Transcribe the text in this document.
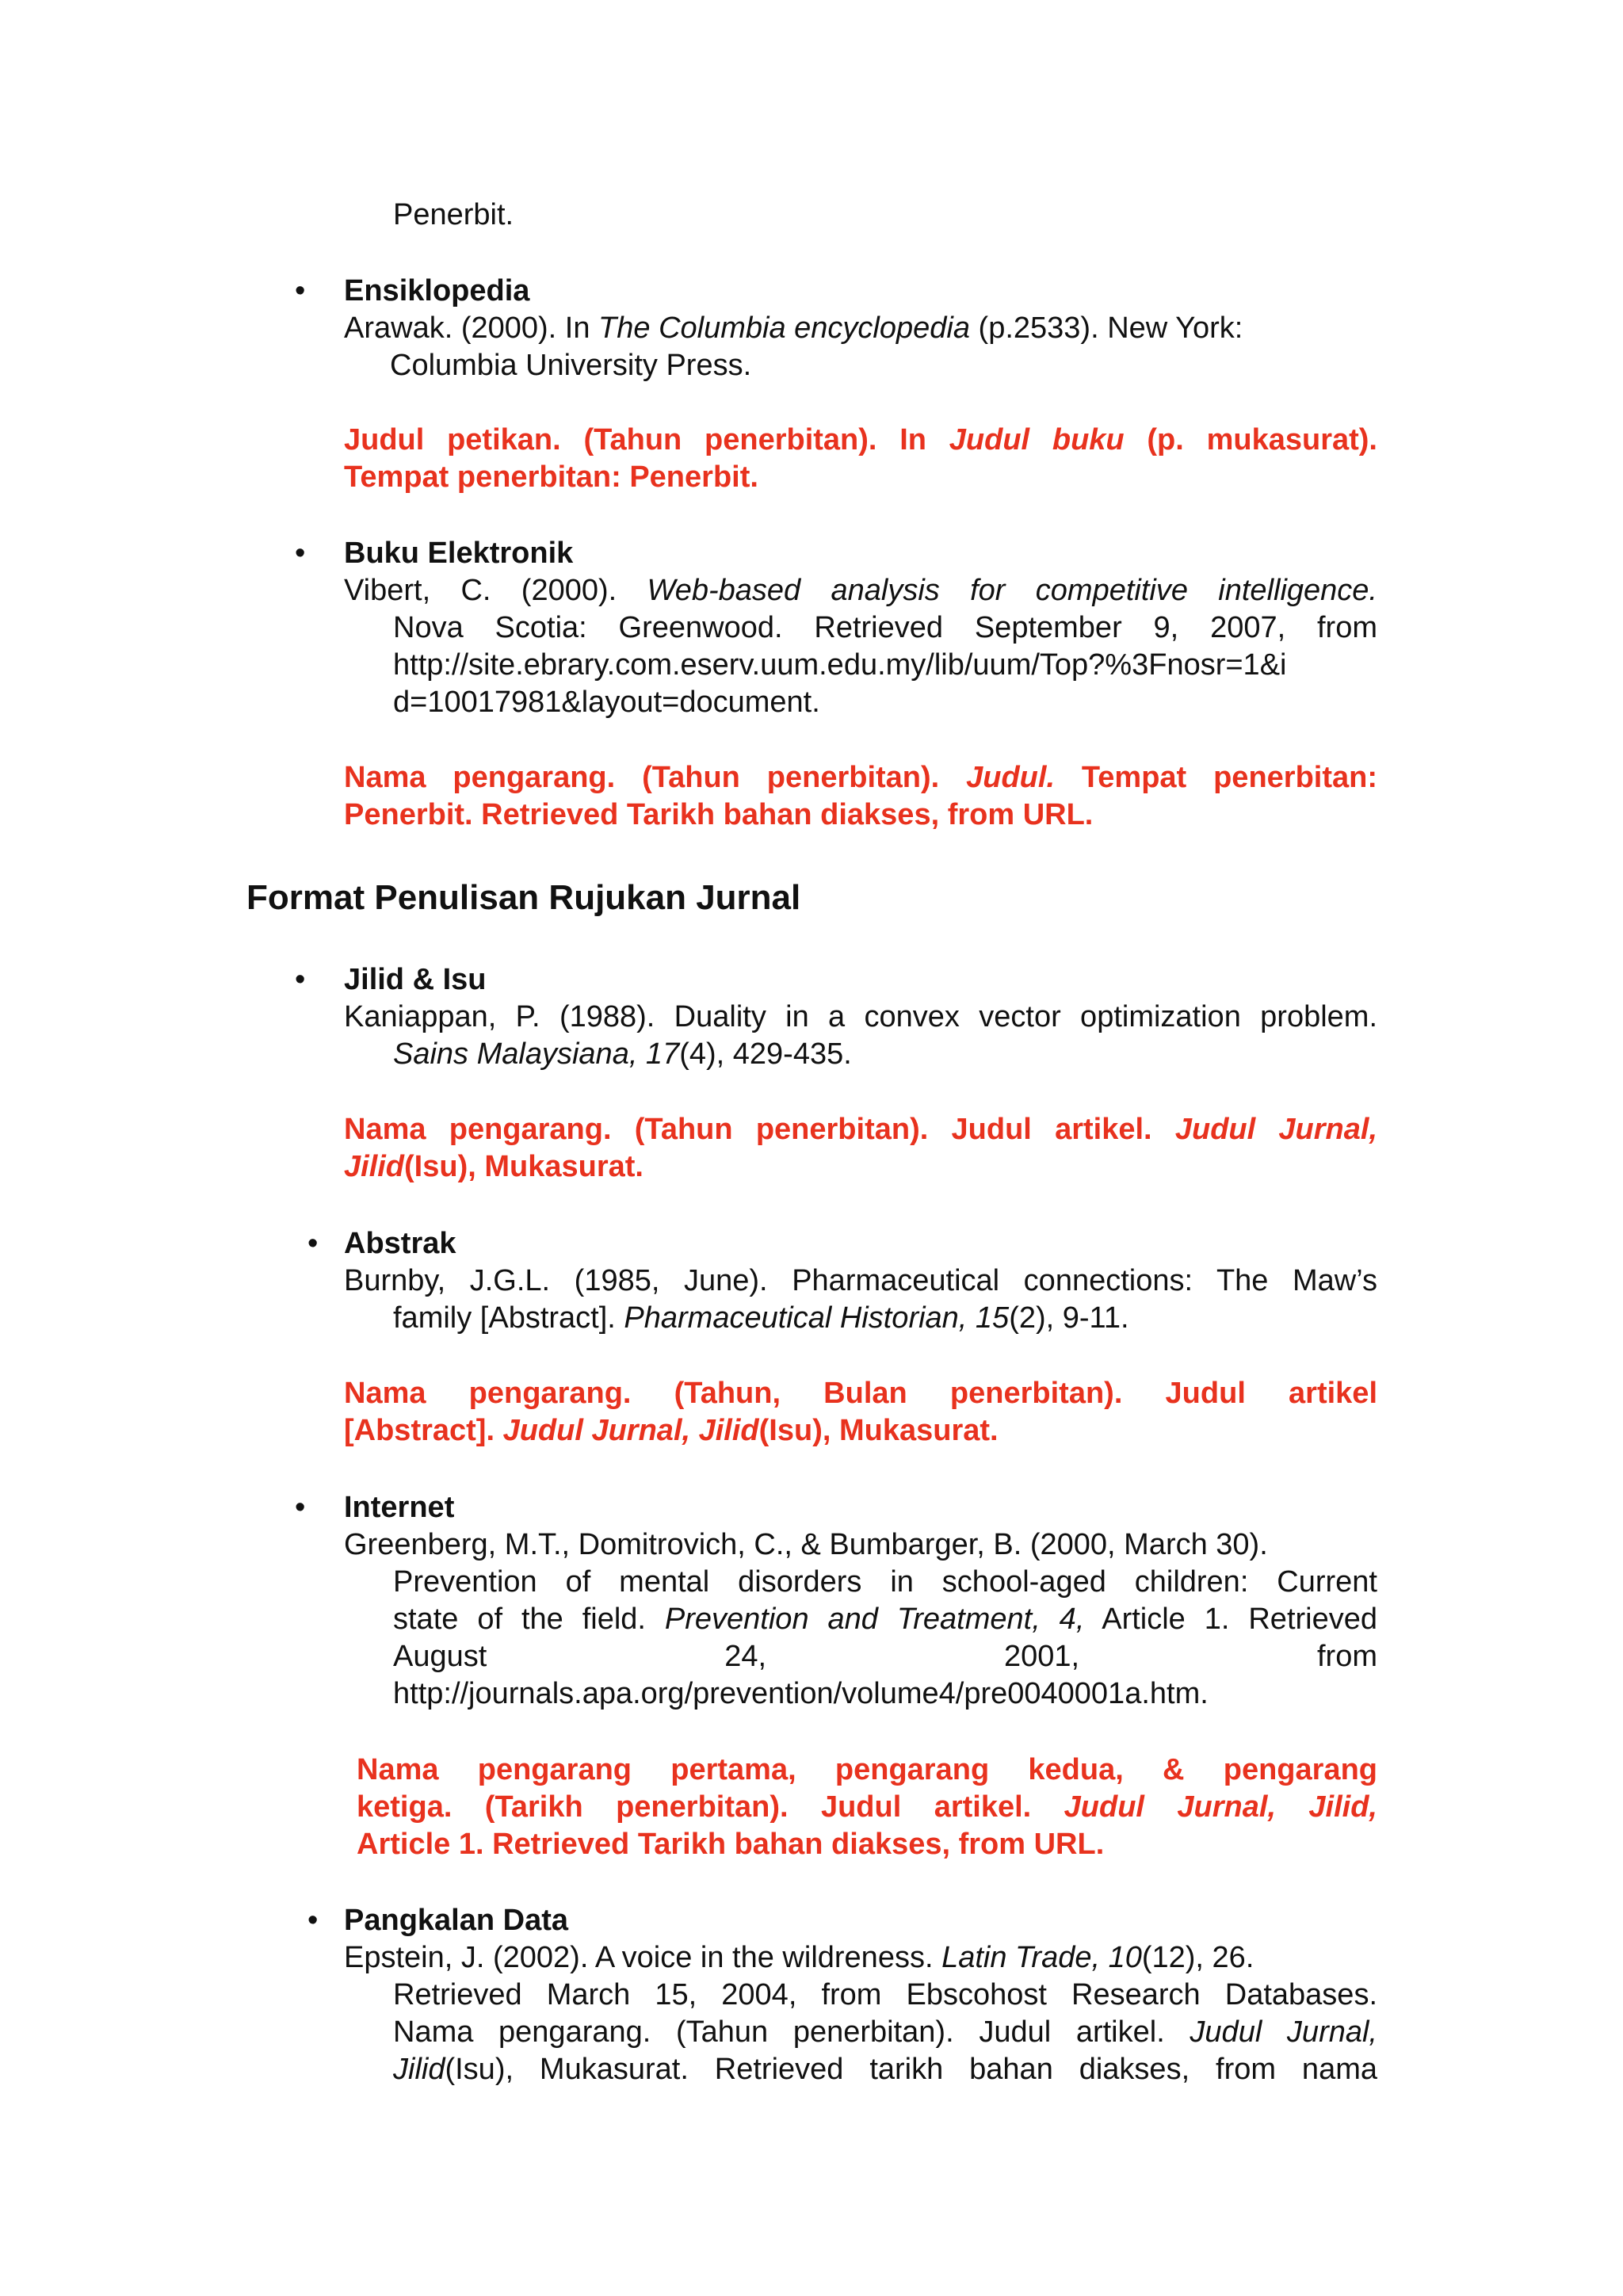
Penerbit.

•	Ensiklopedia
Arawak. (2000). In The Columbia encyclopedia (p.2533). New York:
Columbia University Press.

Judul petikan. (Tahun penerbitan). In Judul buku (p. mukasurat).
Tempat penerbitan: Penerbit.

•	Buku Elektronik
Vibert, C. (2000). Web-based analysis for competitive intelligence.
Nova Scotia: Greenwood. Retrieved September 9, 2007, from
http://site.ebrary.com.eserv.uum.edu.my/lib/uum/Top?%3Fnosr=1&i
d=10017981&layout=document.

Nama pengarang. (Tahun penerbitan). Judul. Tempat penerbitan:
Penerbit. Retrieved Tarikh bahan diakses, from URL.

Format Penulisan Rujukan Jurnal
•	Jilid & Isu
Kaniappan, P. (1988). Duality in a convex vector optimization problem.
Sains Malaysiana, 17(4), 429-435.

Nama pengarang. (Tahun penerbitan). Judul artikel. Judul Jurnal,
Jilid(Isu), Mukasurat.

• Abstrak
Burnby, J.G.L. (1985, June). Pharmaceutical connections: The Maw’s
family [Abstract]. Pharmaceutical Historian, 15(2), 9-11.

Nama pengarang. (Tahun, Bulan penerbitan). Judul artikel
[Abstract]. Judul Jurnal, Jilid(Isu), Mukasurat.

•	Internet
Greenberg, M.T., Domitrovich, C., & Bumbarger, B. (2000, March 30).
Prevention of mental disorders in school-aged children: Current
state of the field. Prevention and Treatment, 4, Article 1. Retrieved
August 24, 2001, from
http://journals.apa.org/prevention/volume4/pre0040001a.htm.

Nama pengarang pertama, pengarang kedua, & pengarang
ketiga. (Tarikh penerbitan). Judul artikel. Judul Jurnal, Jilid,
Article 1. Retrieved Tarikh bahan diakses, from URL.

• Pangkalan Data
Epstein, J. (2002). A voice in the wildreness. Latin Trade, 10(12), 26.
Retrieved March 15, 2004, from Ebscohost Research Databases.
Nama pengarang. (Tahun penerbitan). Judul artikel. Judul Jurnal,
Jilid(Isu), Mukasurat. Retrieved tarikh bahan diakses, from nama
